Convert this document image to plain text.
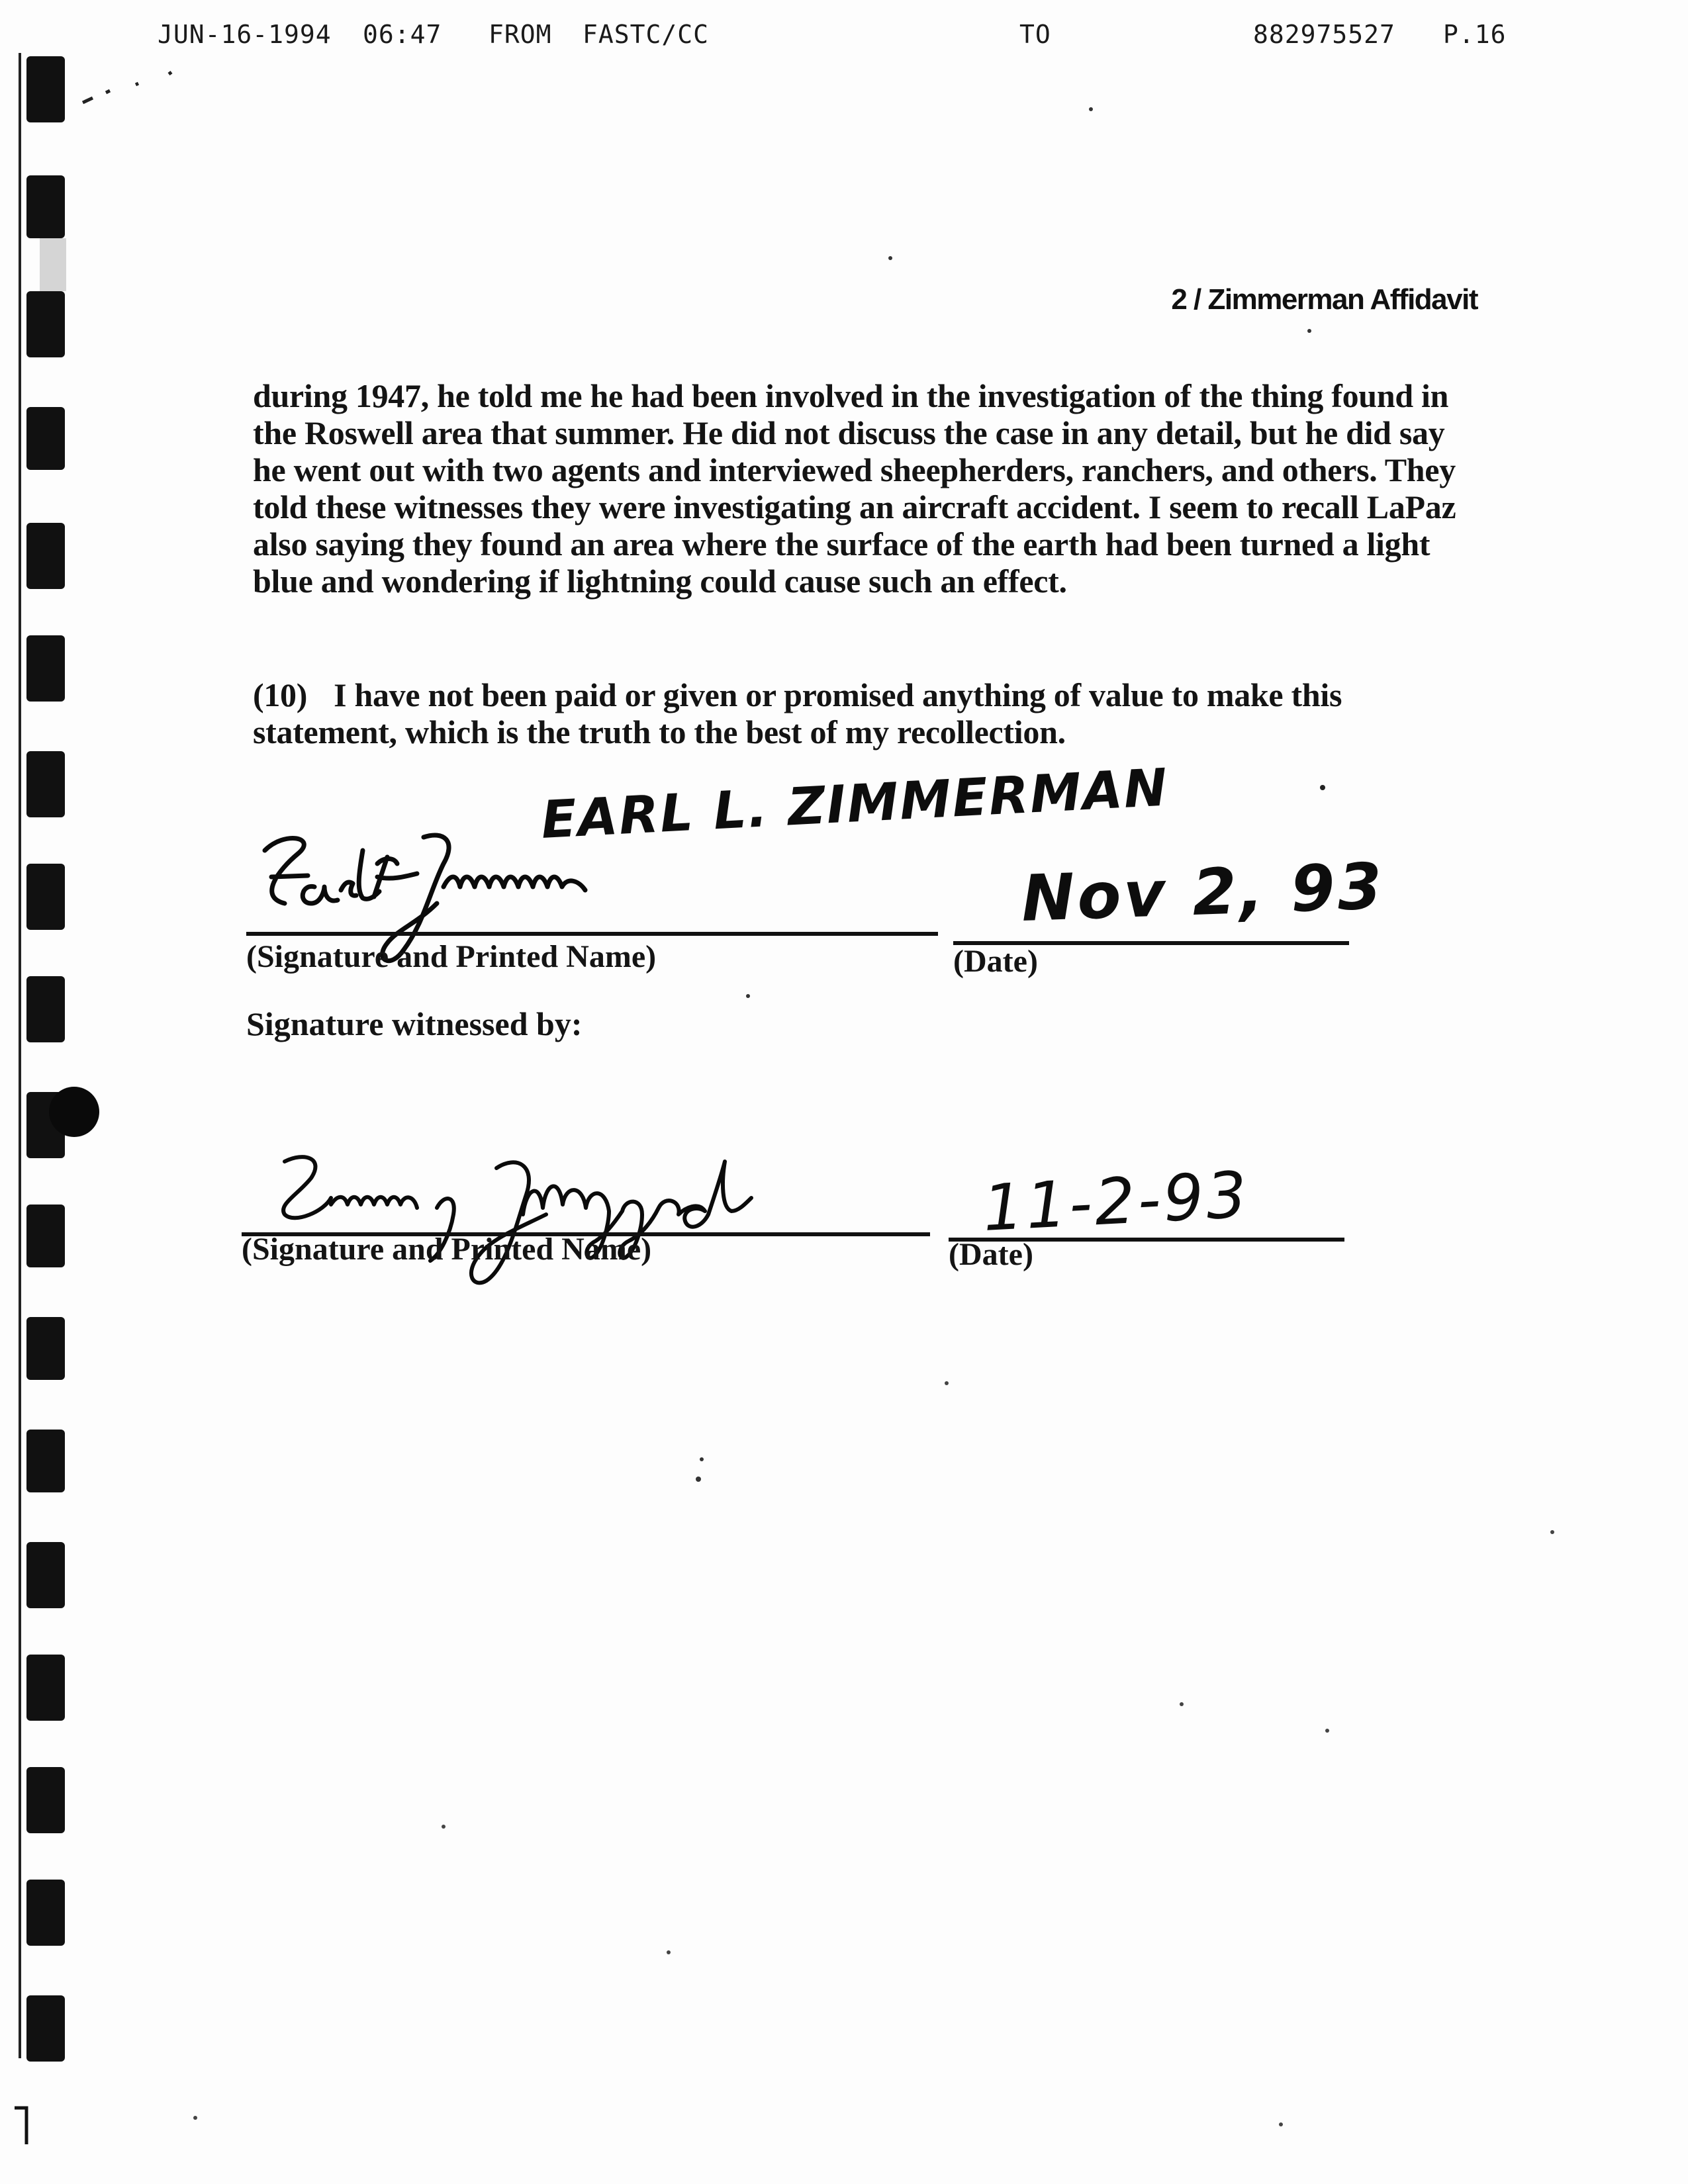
JUN-16-1994 06:47 FROM FASTC/CC	TO	882975527 P.16
2 / Zimmerman Affidavit
during 1947, he told me he had been involved in the investigation of the thing found in the Roswell area that summer. He did not discuss the case in any detail, but he did say he went out with two agents and interviewed sheepherders, ranchers, and others. They told these witnesses they were investigating an aircraft accident. I seem to recall LaPaz also saying they found an area where the surface of the earth had been turned a light blue and wondering if lightning could cause such an effect.
(10) I have not been paid or given or promised anything of value to make this statement, which is the truth to the best of my recollection.
EARL L. ZIMMERMAN
(Signature and Printed Name)
Nov 2, 93
(Date)
Signature witnessed by:
(Signature and Printed Name)
11-2-93
(Date)
